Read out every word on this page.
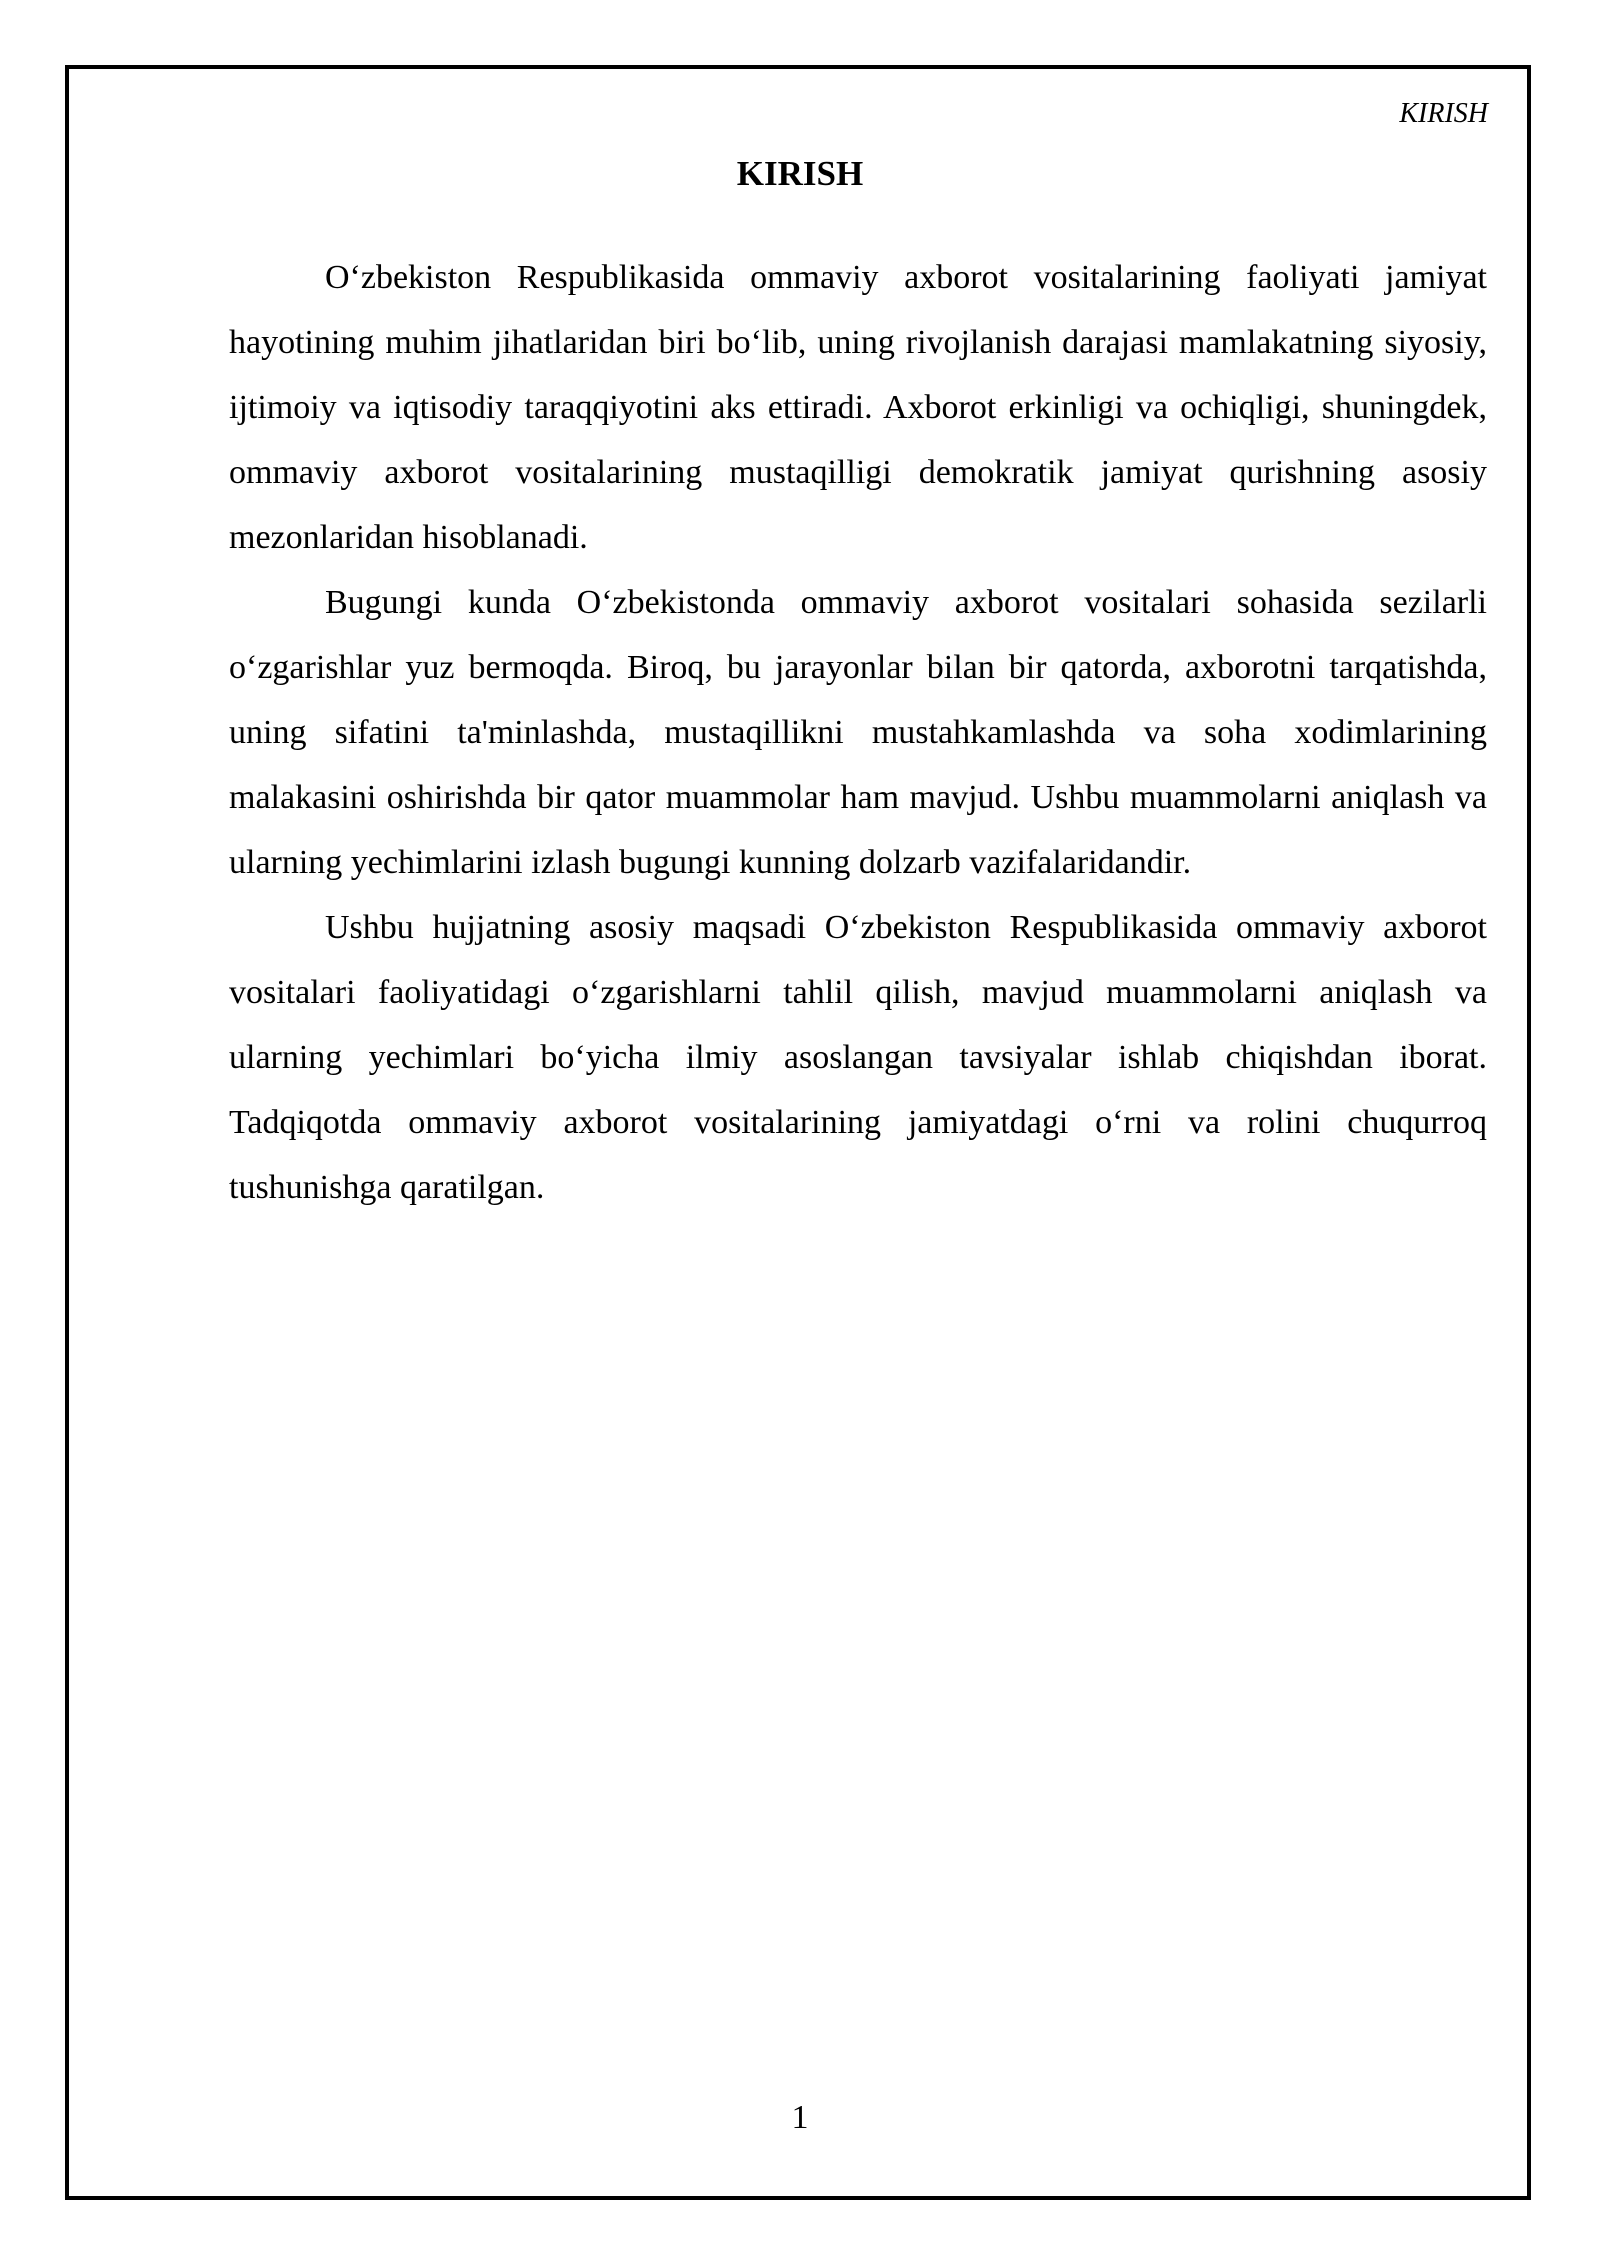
KIRISH
KIRISH

O‘zbekiston Respublikasida ommaviy axborot vositalarining faoliyati jamiyat hayotining muhim jihatlaridan biri bo‘lib, uning rivojlanish darajasi mamlakatning siyosiy, ijtimoiy va iqtisodiy taraqqiyotini aks ettiradi. Axborot erkinligi va ochiqligi, shuningdek, ommaviy axborot vositalarining mustaqilligi demokratik jamiyat qurishning asosiy mezonlaridan hisoblanadi.

Bugungi kunda O‘zbekistonda ommaviy axborot vositalari sohasida sezilarli o‘zgarishlar yuz bermoqda. Biroq, bu jarayonlar bilan bir qatorda, axborotni tarqatishda, uning sifatini ta'minlashda, mustaqillikni mustahkamlashda va soha xodimlarining malakasini oshirishda bir qator muammolar ham mavjud. Ushbu muammolarni aniqlash va ularning yechimlarini izlash bugungi kunning dolzarb vazifalaridandir.

Ushbu hujjatning asosiy maqsadi O‘zbekiston Respublikasida ommaviy axborot vositalari faoliyatidagi o‘zgarishlarni tahlil qilish, mavjud muammolarni aniqlash va ularning yechimlari bo‘yicha ilmiy asoslangan tavsiyalar ishlab chiqishdan iborat. Tadqiqotda ommaviy axborot vositalarining jamiyatdagi o‘rni va rolini chuqurroq tushunishga qaratilgan.

1
